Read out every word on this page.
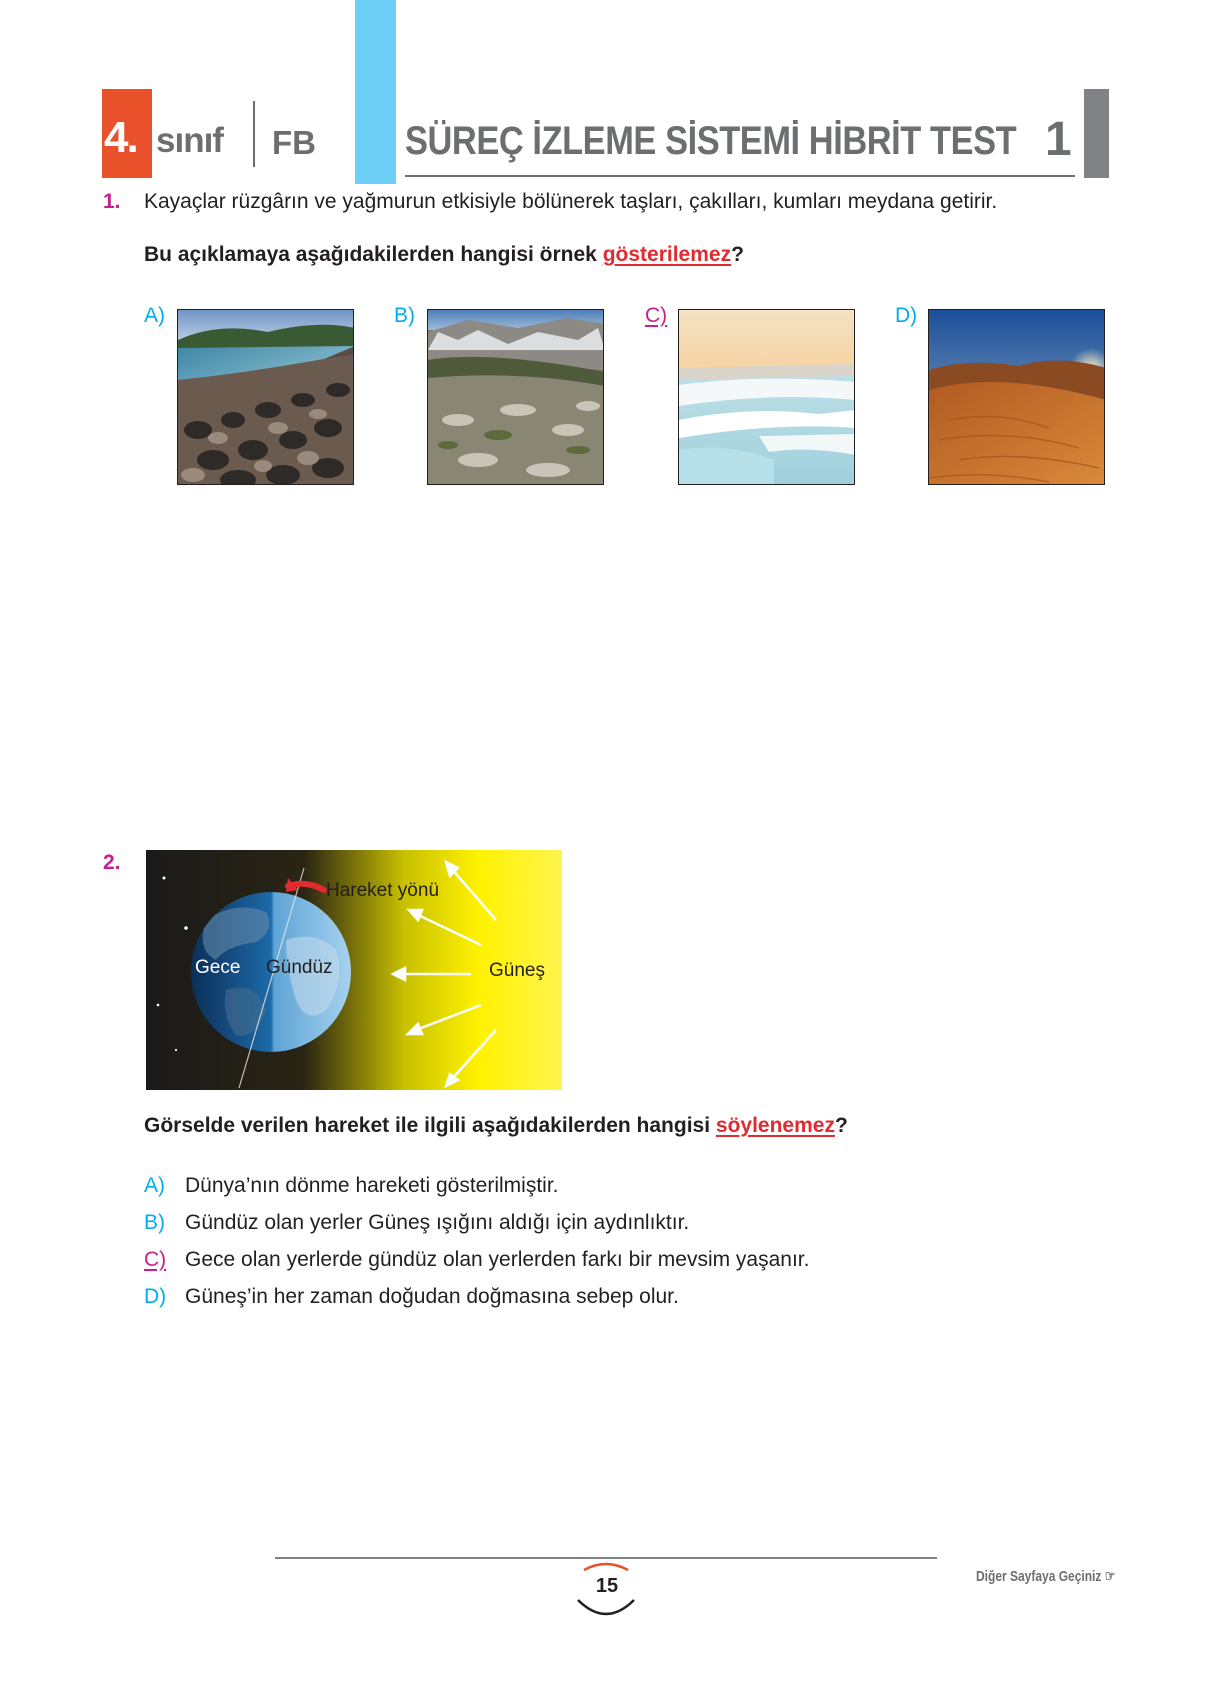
4. sınıf FB SÜREÇ İZLEME SİSTEMİ HİBRİT TEST 1
1. Kayaçlar rüzgârın ve yağmurun etkisiyle bölünerek taşları, çakılları, kumları meydana getirir.
Bu açıklamaya aşağıdakilerden hangisi örnek gösterilemez?
A)	B)	C)	D)
2.
Hareket yönü
Gece Gündüz	Güneş
Görselde verilen hareket ile ilgili aşağıdakilerden hangisi söylenemez?
A) Dünya’nın dönme hareketi gösterilmiştir.
B) Gündüz olan yerler Güneş ışığını aldığı için aydınlıktır.
C) Gece olan yerlerde gündüz olan yerlerden farkı bir mevsim yaşanır.
D) Güneş’in her zaman doğudan doğmasına sebep olur.
15	Diğer Sayfaya Geçiniz ☞
